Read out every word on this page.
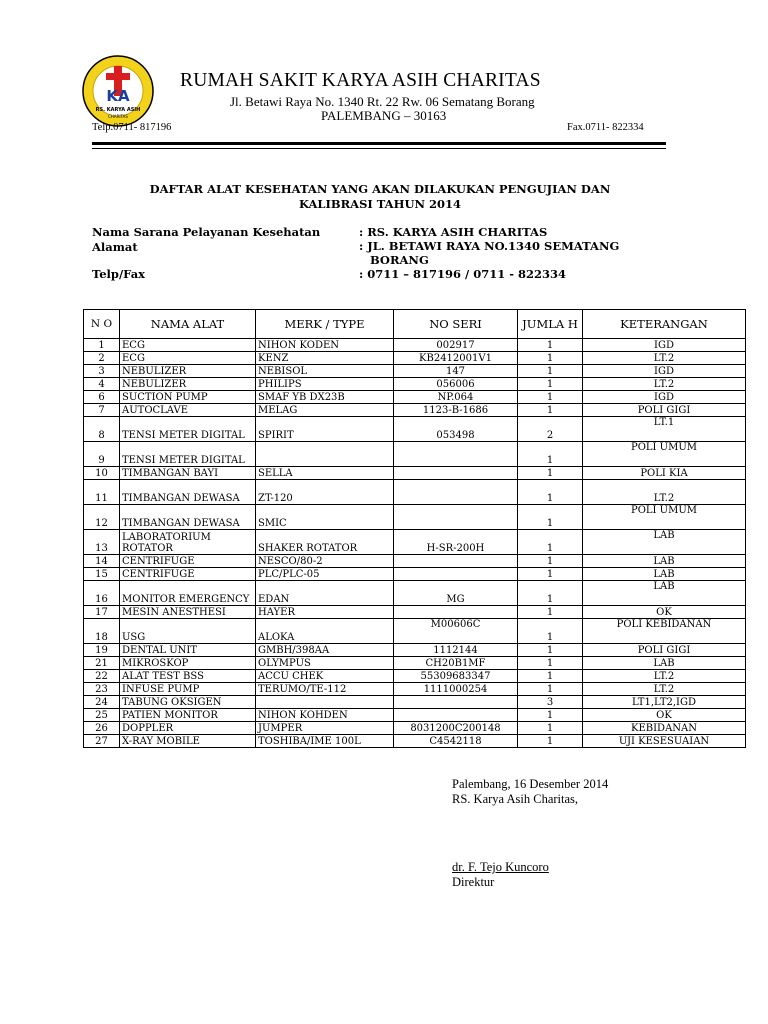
KA
RS. KARYA ASIH
CHARITAS
RUMAH SAKIT KARYA ASIH CHARITAS
Jl. Betawi Raya No. 1340 Rt. 22 Rw. 06 Sematang Borang
PALEMBANG – 30163
Telp.0711- 817196	Fax.0711- 822334
DAFTAR ALAT KESEHATAN YANG AKAN DILAKUKAN PENGUJIAN DAN
KALIBRASI TAHUN 2014
Nama Sarana Pelayanan Kesehatan	: RS. KARYA ASIH CHARITAS
Alamat	: JL. BETAWI RAYA NO.1340 SEMATANG
BORANG
Telp/Fax	: 0711 – 817196 / 0711 - 822334
N O	NAMA ALAT	MERK / TYPE	NO SERI	JUMLA H	KETERANGAN
1	ECG	NIHON KODEN	002917	1	IGD
2	ECG	KENZ	KB2412001V1	1	LT.2
3	NEBULIZER	NEBISOL	147	1	IGD
4	NEBULIZER	PHILIPS	056006	1	LT.2
6	SUCTION PUMP	SMAF YB DX23B	NP.064	1	IGD
7	AUTOCLAVE	MELAG	1123-B-1686	1	POLI GIGI
8	TENSI METER DIGITAL	SPIRIT	053498	2	LT.1
9	TENSI METER DIGITAL			1	POLI UMUM
10	TIMBANGAN BAYI	SELLA		1	POLI KIA
11	TIMBANGAN DEWASA	ZT-120		1	LT.2
12	TIMBANGAN DEWASA	SMIC		1	POLI UMUM
13	LABORATORIUM ROTATOR	SHAKER ROTATOR	H-SR-200H	1	LAB
14	CENTRIFUGE	NESCO/80-2		1	LAB
15	CENTRIFUGE	PLC/PLC-05		1	LAB
16	MONITOR EMERGENCY	EDAN	MG	1	LAB
17	MESIN ANESTHESI	HAYER		1	OK
18	USG	ALOKA	M00606C	1	POLI KEBIDANAN
19	DENTAL UNIT	GMBH/398AA	1112144	1	POLI GIGI
21	MIKROSKOP	OLYMPUS	CH20B1MF	1	LAB
22	ALAT TEST BSS	ACCU CHEK	55309683347	1	LT.2
23	INFUSE PUMP	TERUMO/TE-112	1111000254	1	LT.2
24	TABUNG OKSIGEN			3	LT1,LT2,IGD
25	PATIEN MONITOR	NIHON KOHDEN		1	OK
26	DOPPLER	JUMPER	8031200C200148	1	KEBIDANAN
27	X-RAY MOBILE	TOSHIBA/IME 100L	C4542118	1	UJI KESESUAIAN
Palembang, 16 Desember 2014
RS. Karya Asih Charitas,
dr. F. Tejo Kuncoro
Direktur
